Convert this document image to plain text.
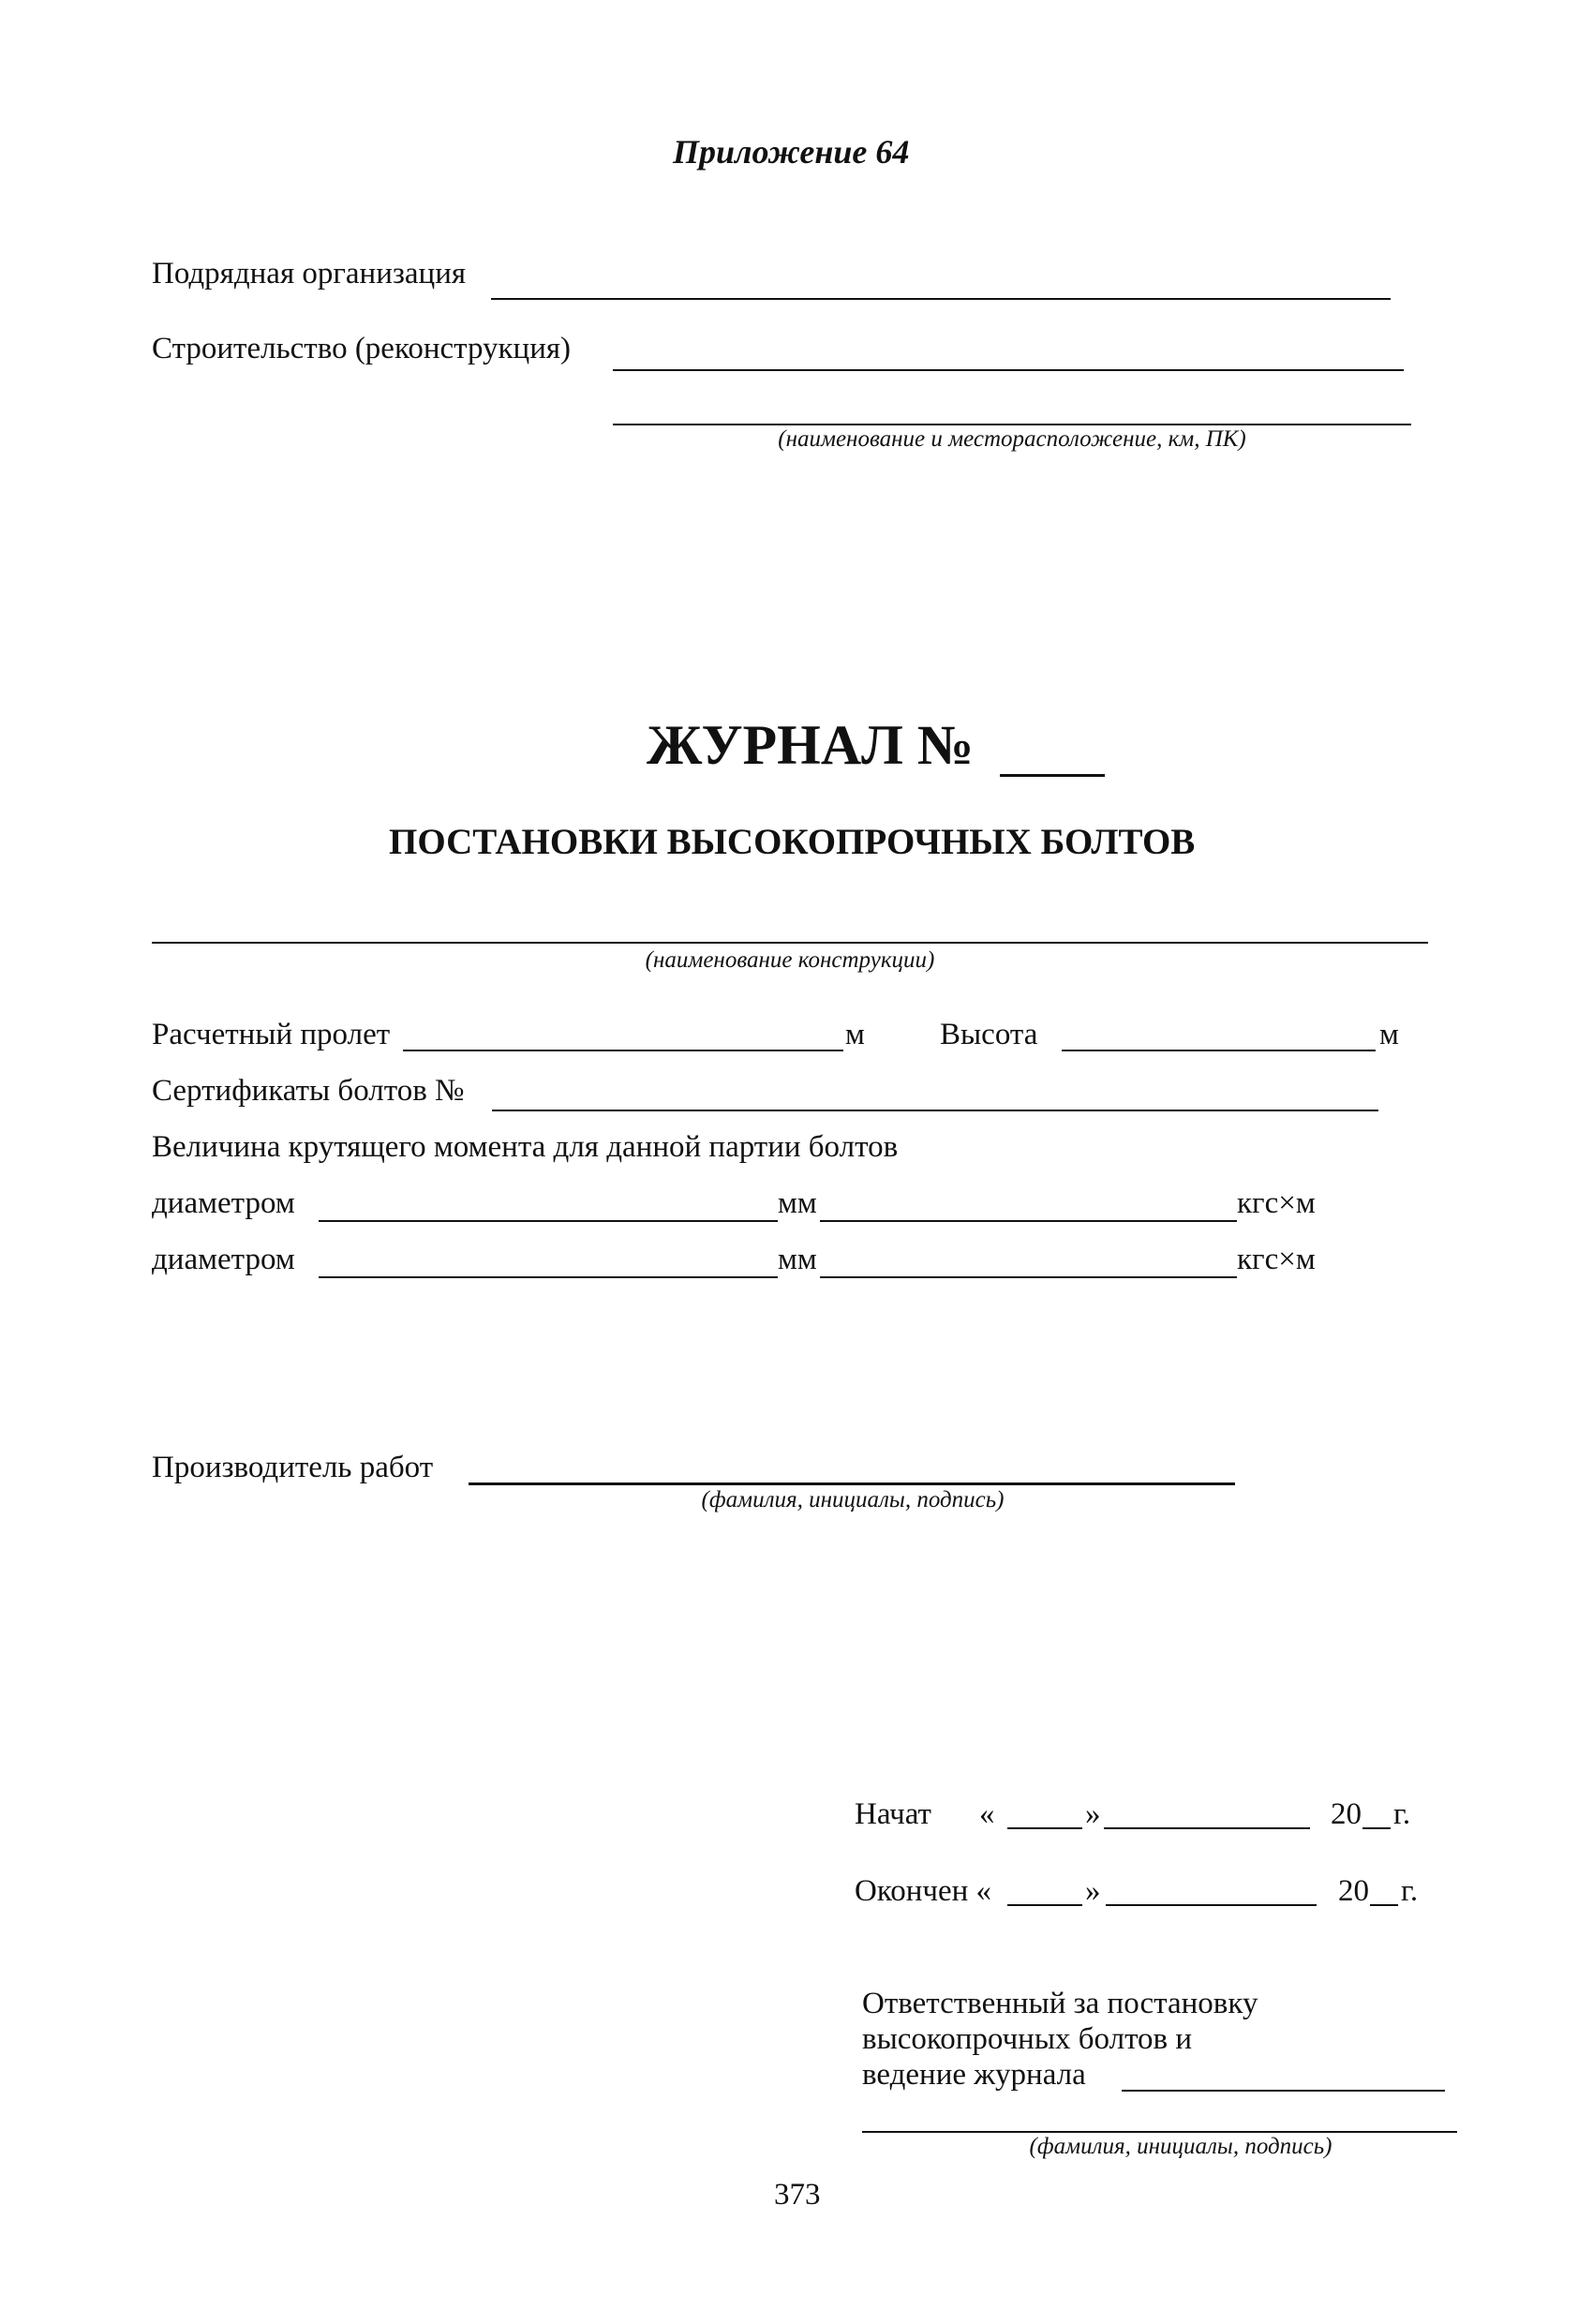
Приложение 64
Подрядная организация
Строительство (реконструкция)
(наименование и месторасположение, км, ПК)
ЖУРНАЛ №
ПОСТАНОВКИ ВЫСОКОПРОЧНЫХ БОЛТОВ
(наименование конструкции)
Расчетный пролет	м Высота	м
Сертификаты болтов №
Величина крутящего момента для данной партии болтов
диаметром	мм	кгс×м
диаметром	мм	кгс×м
Производитель работ
(фамилия, инициалы, подпись)
Начат «	»	20 г.
Окончен «	»	20 г.
Ответственный за постановку
высокопрочных болтов и
ведение журнала
(фамилия, инициалы, подпись)
373
